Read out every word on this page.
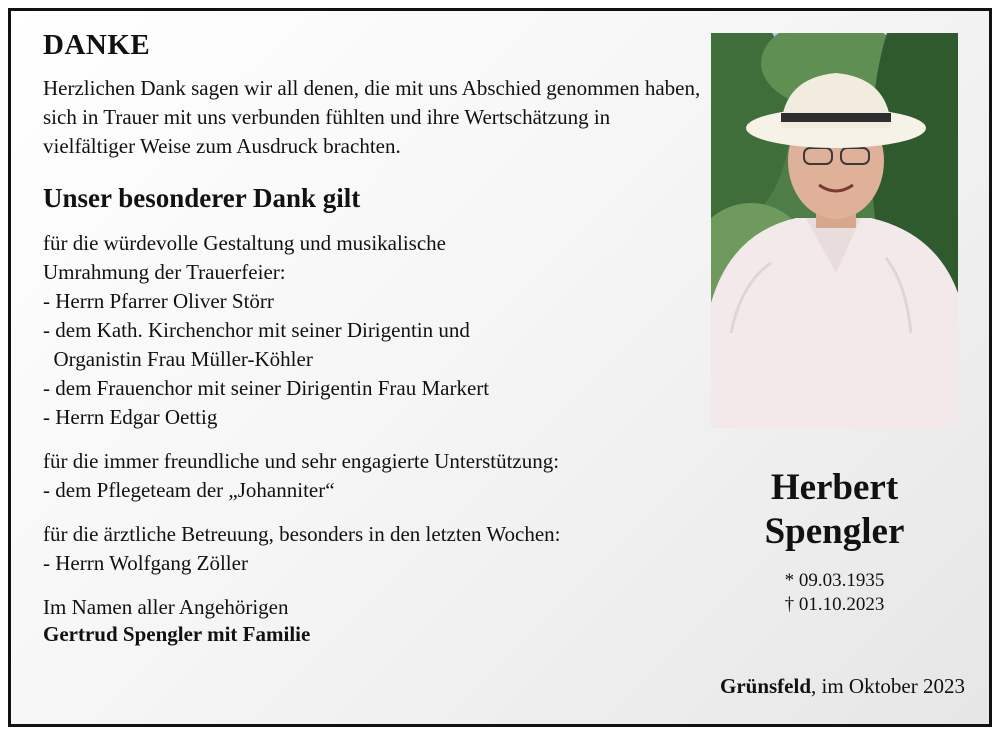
DANKE

Herzlichen Dank sagen wir all denen, die mit uns Abschied genommen haben, sich in Trauer mit uns verbunden fühlten und ihre Wertschätzung in vielfältiger Weise zum Ausdruck brachten.

Unser besonderer Dank gilt

für die würdevolle Gestaltung und musikalische

Umrahmung der Trauerfeier:

- Herrn Pfarrer Oliver Störr
- dem Kath. Kirchenchor mit seiner Dirigentin und
Organistin Frau Müller-Köhler
- dem Frauenchor mit seiner Dirigentin Frau Markert
- Herrn Edgar Oettig

für die immer freundliche und sehr engagierte Unterstützung:

- dem Pflegeteam der „Johanniter“

für die ärztliche Betreuung, besonders in den letzten Wochen:

- Herrn Wolfgang Zöller
Im Namen aller Angehörigen
Gertrud Spengler mit Familie
Herbert
Spengler
* 09.03.1935
† 01.10.2023
Grünsfeld, im Oktober 2023
